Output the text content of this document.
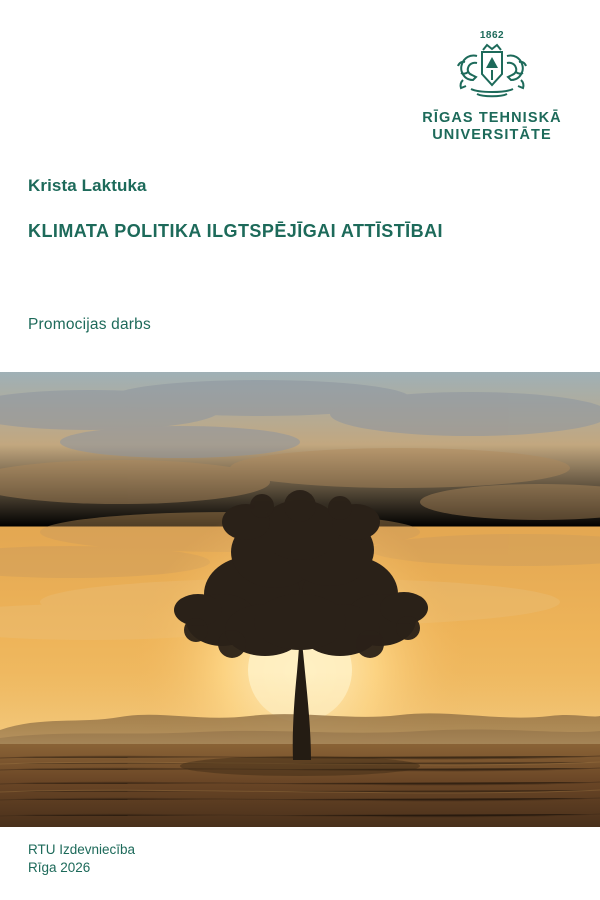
1862
RĪGAS TEHNISKĀ
UNIVERSITĀTE
Krista Laktuka
KLIMATA POLITIKA ILGTSPĒJĪGAI ATTĪSTĪBAI
Promocijas darbs
RTU Izdevniecība
Rīga 2026
